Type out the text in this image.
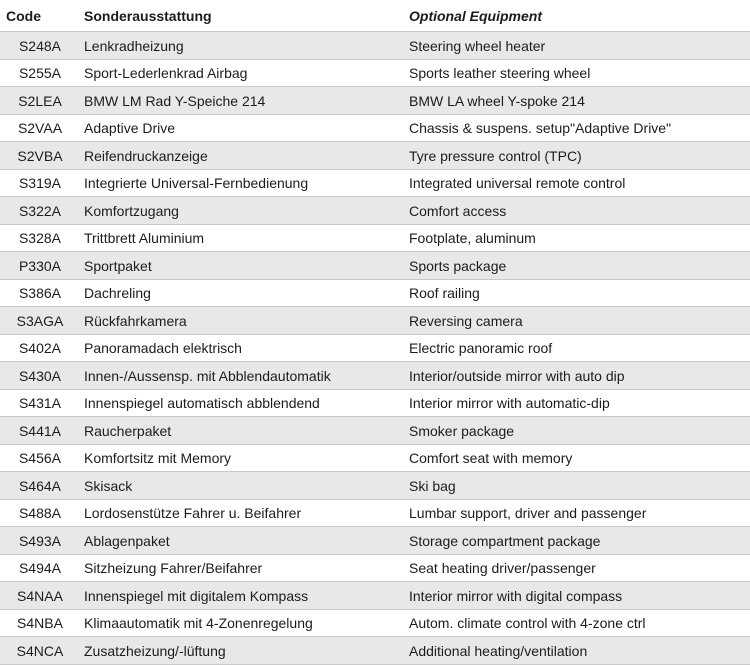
Code	Sonderausstattung	Optional Equipment
S248A	Lenkradheizung	Steering wheel heater
S255A	Sport-Lederlenkrad Airbag	Sports leather steering wheel
S2LEA	BMW LM Rad Y-Speiche 214	BMW LA wheel Y-spoke 214
S2VAA	Adaptive Drive	Chassis & suspens. setup"Adaptive Drive"
S2VBA	Reifendruckanzeige	Tyre pressure control (TPC)
S319A	Integrierte Universal-Fernbedienung	Integrated universal remote control
S322A	Komfortzugang	Comfort access
S328A	Trittbrett Aluminium	Footplate, aluminum
P330A	Sportpaket	Sports package
S386A	Dachreling	Roof railing
S3AGA	Rückfahrkamera	Reversing camera
S402A	Panoramadach elektrisch	Electric panoramic roof
S430A	Innen-/Aussensp. mit Abblendautomatik	Interior/outside mirror with auto dip
S431A	Innenspiegel automatisch abblendend	Interior mirror with automatic-dip
S441A	Raucherpaket	Smoker package
S456A	Komfortsitz mit Memory	Comfort seat with memory
S464A	Skisack	Ski bag
S488A	Lordosenstütze Fahrer u. Beifahrer	Lumbar support, driver and passenger
S493A	Ablagenpaket	Storage compartment package
S494A	Sitzheizung Fahrer/Beifahrer	Seat heating driver/passenger
S4NAA	Innenspiegel mit digitalem Kompass	Interior mirror with digital compass
S4NBA	Klimaautomatik mit 4-Zonenregelung	Autom. climate control with 4-zone ctrl
S4NCA	Zusatzheizung/-lüftung	Additional heating/ventilation
